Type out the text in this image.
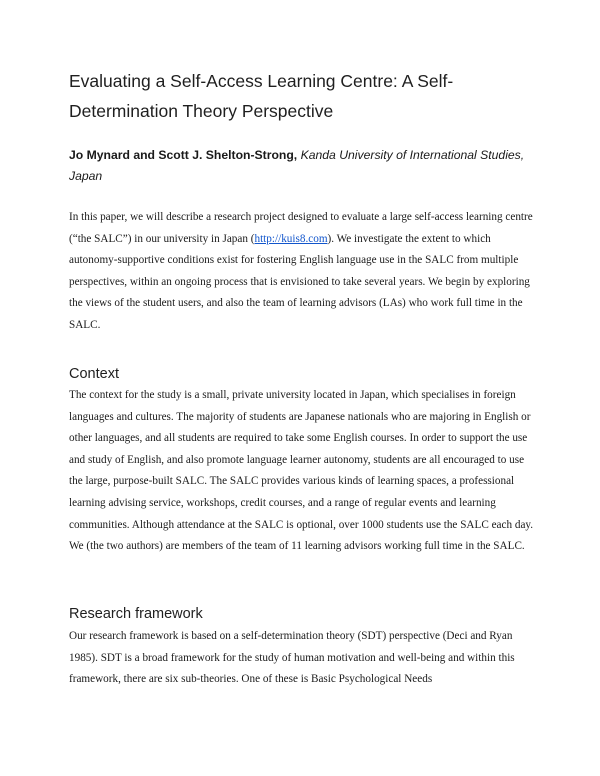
Evaluating a Self-Access Learning Centre: A Self-Determination Theory Perspective

Jo Mynard and Scott J. Shelton-Strong, Kanda University of International Studies, Japan

In this paper, we will describe a research project designed to evaluate a large self-access learning centre (“the SALC”) in our university in Japan (http://kuis8.com). We investigate the extent to which autonomy-supportive conditions exist for fostering English language use in the SALC from multiple perspectives, within an ongoing process that is envisioned to take several years. We begin by exploring the views of the student users, and also the team of learning advisors (LAs) who work full time in the SALC.

Context

The context for the study is a small, private university located in Japan, which specialises in foreign languages and cultures. The majority of students are Japanese nationals who are majoring in English or other languages, and all students are required to take some English courses. In order to support the use and study of English, and also promote language learner autonomy, students are all encouraged to use the large, purpose-built SALC. The SALC provides various kinds of learning spaces, a professional learning advising service, workshops, credit courses, and a range of regular events and learning communities. Although attendance at the SALC is optional, over 1000 students use the SALC each day. We (the two authors) are members of the team of 11 learning advisors working full time in the SALC.

Research framework

Our research framework is based on a self-determination theory (SDT) perspective (Deci and Ryan 1985). SDT is a broad framework for the study of human motivation and well-being and within this framework, there are six sub-theories. One of these is Basic Psychological Needs
